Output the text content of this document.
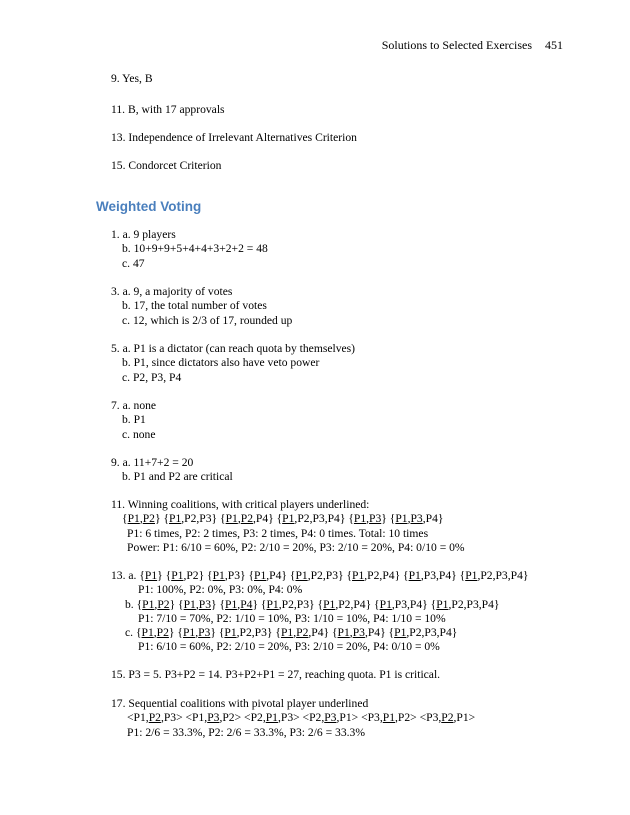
Solutions to Selected Exercises 451
9. Yes, B
11. B, with 17 approvals
13. Independence of Irrelevant Alternatives Criterion
15. Condorcet Criterion
Weighted Voting
1. a. 9 players
b. 10+9+9+5+4+4+3+2+2 = 48
c. 47
3. a. 9, a majority of votes
b. 17, the total number of votes
c. 12, which is 2/3 of 17, rounded up
5. a. P1 is a dictator (can reach quota by themselves)
b. P1, since dictators also have veto power
c. P2, P3, P4
7. a. none
b. P1
c. none
9. a. 11+7+2 = 20
b. P1 and P2 are critical
11. Winning coalitions, with critical players underlined:
{P1,P2} {P1,P2,P3} {P1,P2,P4} {P1,P2,P3,P4} {P1,P3} {P1,P3,P4}
P1: 6 times, P2: 2 times, P3: 2 times, P4: 0 times. Total: 10 times
Power: P1: 6/10 = 60%, P2: 2/10 = 20%, P3: 2/10 = 20%, P4: 0/10 = 0%
13. a. {P1} {P1,P2} {P1,P3} {P1,P4} {P1,P2,P3} {P1,P2,P4} {P1,P3,P4} {P1,P2,P3,P4}
P1: 100%, P2: 0%, P3: 0%, P4: 0%
b. {P1,P2} {P1,P3} {P1,P4} {P1,P2,P3} {P1,P2,P4} {P1,P3,P4} {P1,P2,P3,P4}
P1: 7/10 = 70%, P2: 1/10 = 10%, P3: 1/10 = 10%, P4: 1/10 = 10%
c. {P1,P2} {P1,P3} {P1,P2,P3} {P1,P2,P4} {P1,P3,P4} {P1,P2,P3,P4}
P1: 6/10 = 60%, P2: 2/10 = 20%, P3: 2/10 = 20%, P4: 0/10 = 0%
15. P3 = 5. P3+P2 = 14. P3+P2+P1 = 27, reaching quota. P1 is critical.
17. Sequential coalitions with pivotal player underlined
<P1,P2,P3> <P1,P3,P2> <P2,P1,P3> <P2,P3,P1> <P3,P1,P2> <P3,P2,P1>
P1: 2/6 = 33.3%, P2: 2/6 = 33.3%, P3: 2/6 = 33.3%
